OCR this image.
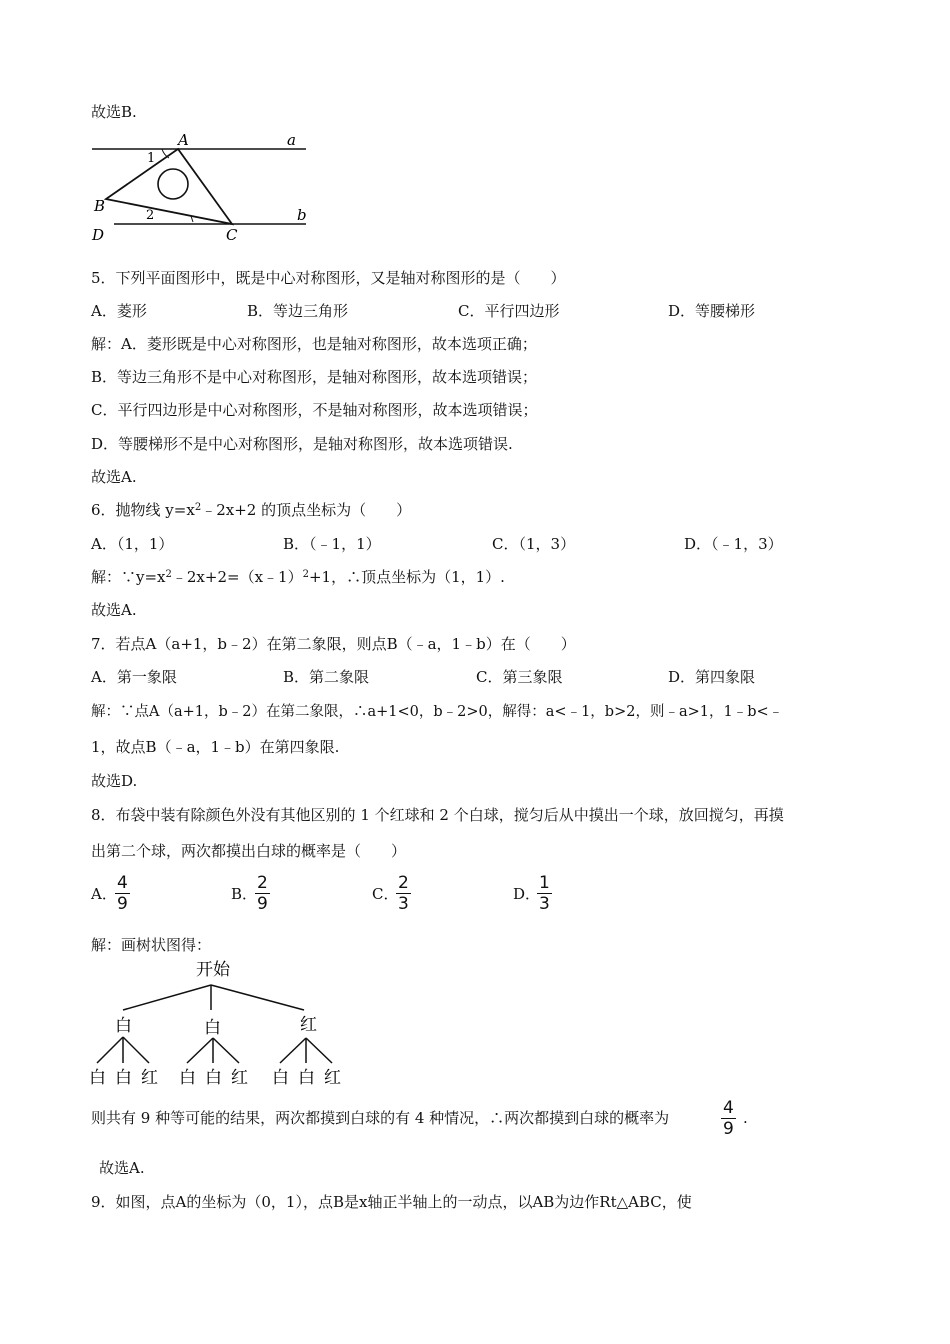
故选B.
A	a
1
B
2	b
D	C
5．下列平面图形中，既是中心对称图形，又是轴对称图形的是（　　）
A．菱形	B．等边三角形	C．平行四边形	D．等腰梯形
解：A．菱形既是中心对称图形，也是轴对称图形，故本选项正确；
B．等边三角形不是中心对称图形，是轴对称图形，故本选项错误；
C．平行四边形是中心对称图形，不是轴对称图形，故本选项错误；
D．等腰梯形不是中心对称图形，是轴对称图形，故本选项错误.
故选A.
6．抛物线 $y=x^2﹣2x+2$ 的顶点坐标为（　　）
A．（1，1）	B．（﹣1，1）	C．（1，3）	D．（﹣1，3）
解：$\because y=x^2﹣2x+2=(x﹣1)^2+1$，∴顶点坐标为（1，1）.
故选A.
7．若点A（a+1，b﹣2）在第二象限，则点B（﹣a，1﹣b）在（　　）
A．第一象限	B．第二象限	C．第三象限	D．第四象限
解：∵点A（a+1，b﹣2）在第二象限，∴a+1<0，b﹣2>0，解得：a<﹣1，b>2，则﹣a>1，1﹣b<﹣
1，故点B（﹣a，1﹣b）在第四象限.
故选D.
8．布袋中装有除颜色外没有其他区别的 1 个红球和 2 个白球，搅匀后从中摸出一个球，放回搅匀，再摸
出第二个球，两次都摸出白球的概率是（　　）
A．
4
9	B．
2
9	C．
2
3	D．
1
3
解：画树状图得：
开始
白	白	红
白 白 红 白 白 红 白 白 红
则共有 9 种等可能的结果，两次都摸到白球的有 4 种情况，∴两次都摸到白球的概率为	4
9
.
故选A.
9．如图，点A的坐标为（0，1），点B是x轴正半轴上的一动点，以AB为边作Rt△ABC，使
